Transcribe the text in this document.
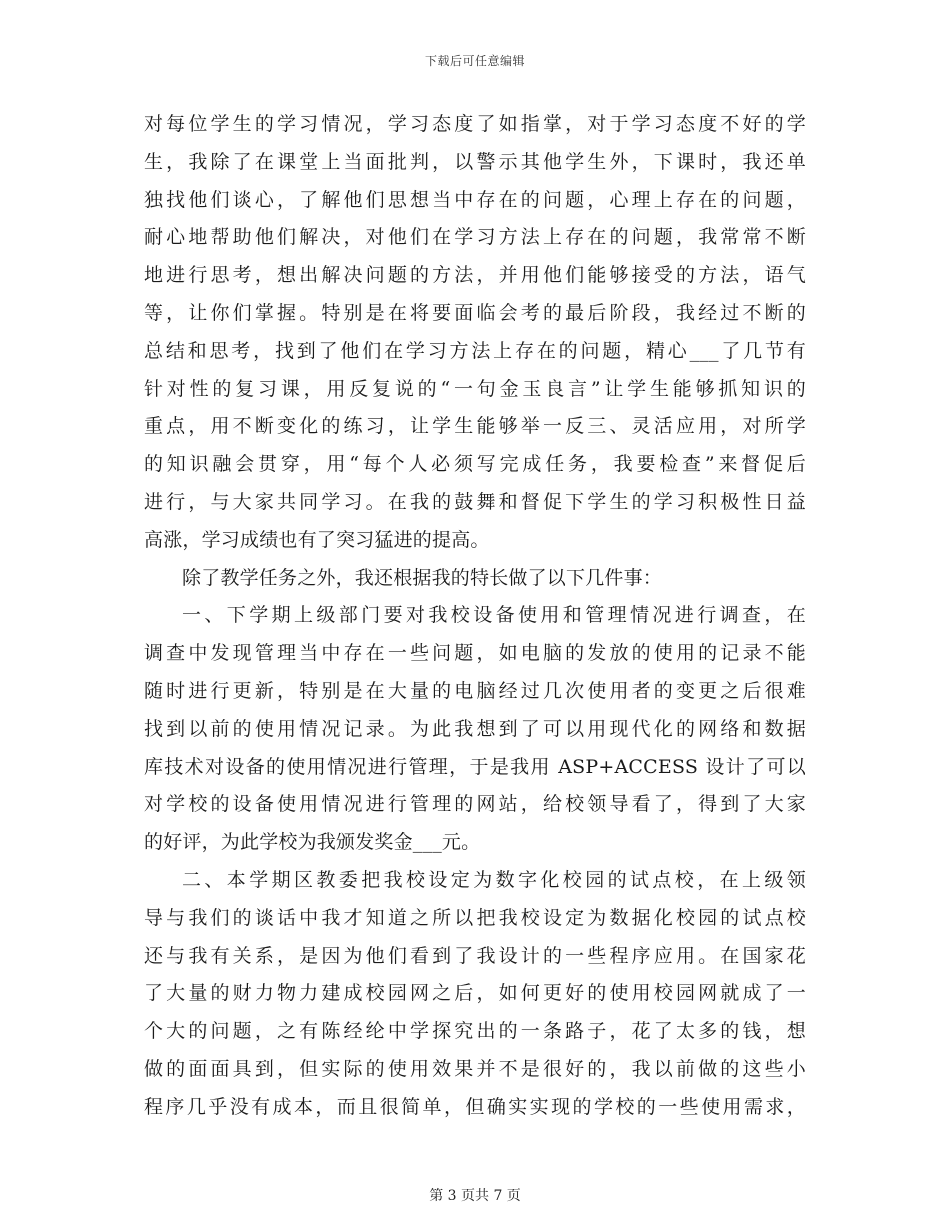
下载后可任意编辑
对每位学生的学习情况，学习态度了如指掌，对于学习态度不好的学
生，我除了在课堂上当面批判，以警示其他学生外，下课时，我还单
独找他们谈心，了解他们思想当中存在的问题，心理上存在的问题，
耐心地帮助他们解决，对他们在学习方法上存在的问题，我常常不断
地进行思考，想出解决问题的方法，并用他们能够接受的方法，语气
等，让你们掌握。特别是在将要面临会考的最后阶段，我经过不断的
总结和思考，找到了他们在学习方法上存在的问题，精心___了几节有
针对性的复习课，用反复说的“一句金玉良言”让学生能够抓知识的
重点，用不断变化的练习，让学生能够举一反三、灵活应用，对所学
的知识融会贯穿，用“每个人必须写完成任务，我要检查”来督促后
进行，与大家共同学习。在我的鼓舞和督促下学生的学习积极性日益
高涨，学习成绩也有了突习猛进的提高。
除了教学任务之外，我还根据我的特长做了以下几件事：
一、下学期上级部门要对我校设备使用和管理情况进行调查，在
调查中发现管理当中存在一些问题，如电脑的发放的使用的记录不能
随时进行更新，特别是在大量的电脑经过几次使用者的变更之后很难
找到以前的使用情况记录。为此我想到了可以用现代化的网络和数据
库技术对设备的使用情况进行管理，于是我用 ASP+ACCESS 设计了可以
对学校的设备使用情况进行管理的网站，给校领导看了，得到了大家
的好评，为此学校为我颁发奖金___元。
二、本学期区教委把我校设定为数字化校园的试点校，在上级领
导与我们的谈话中我才知道之所以把我校设定为数据化校园的试点校
还与我有关系，是因为他们看到了我设计的一些程序应用。在国家花
了大量的财力物力建成校园网之后，如何更好的使用校园网就成了一
个大的问题，之有陈经纶中学探究出的一条路子，花了太多的钱，想
做的面面具到，但实际的使用效果并不是很好的，我以前做的这些小
程序几乎没有成本，而且很简单，但确实实现的学校的一些使用需求，
第 3 页共 7 页
